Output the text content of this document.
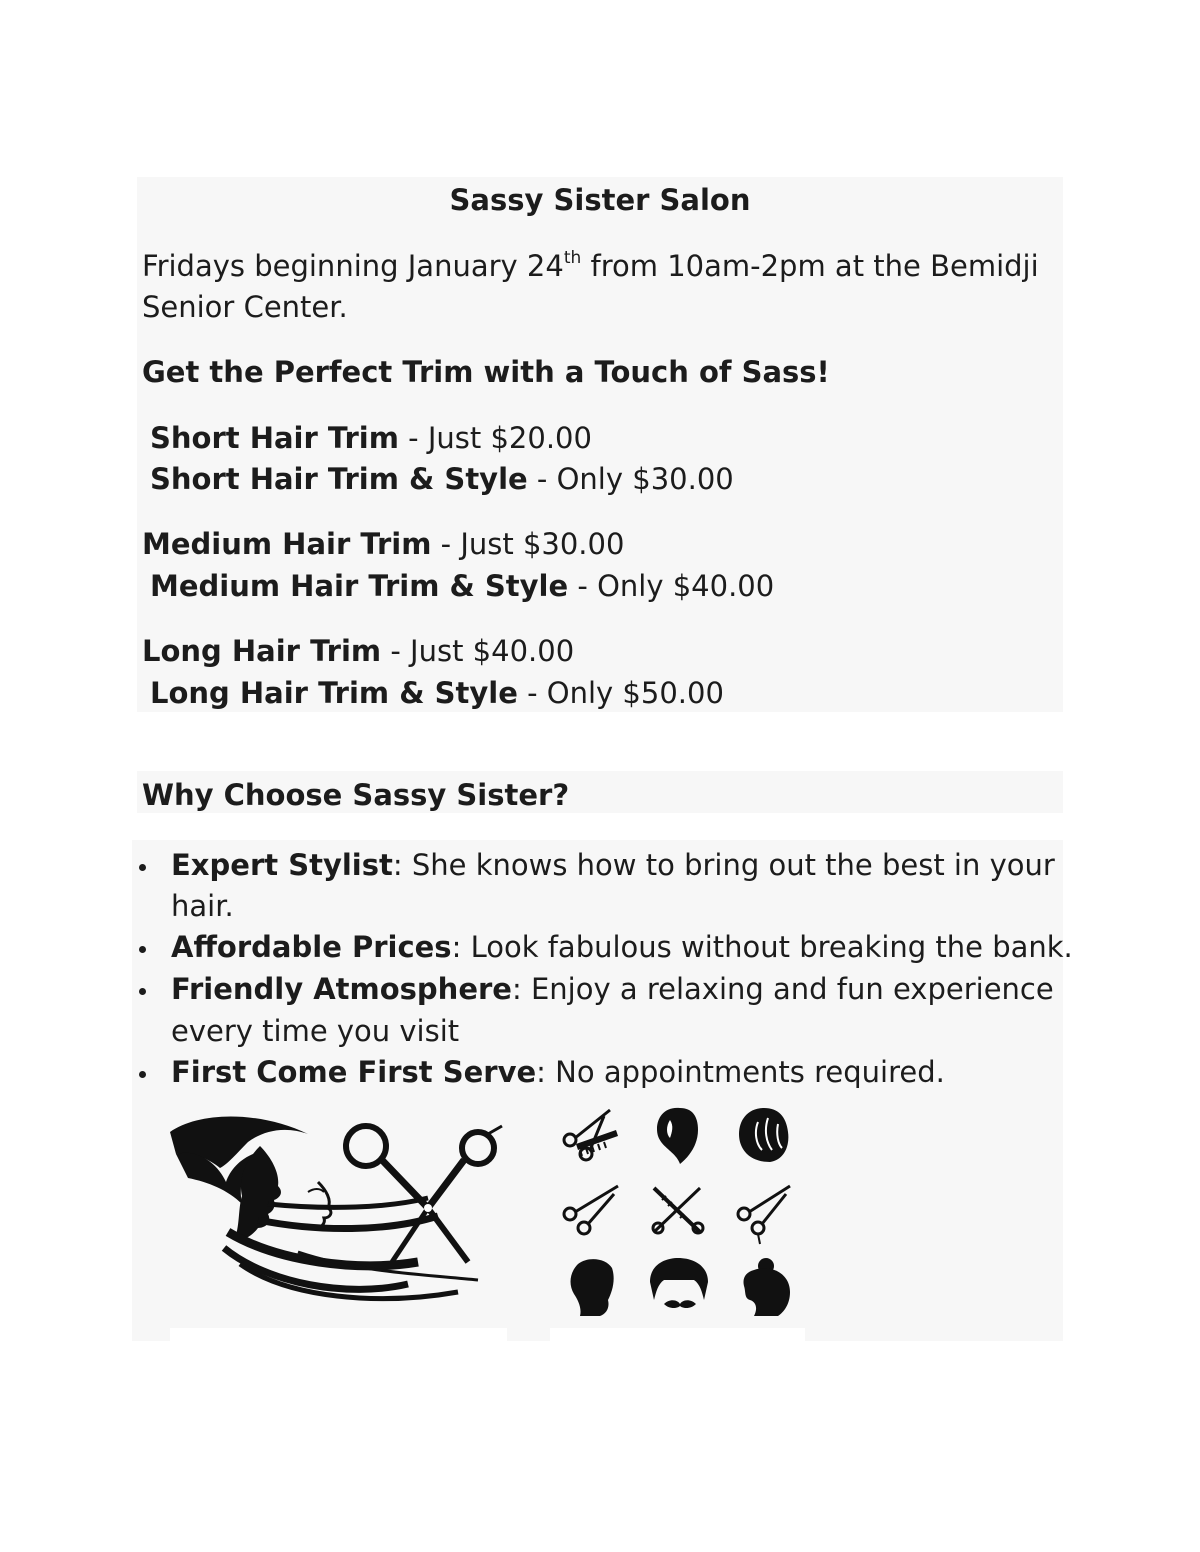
Sassy Sister Salon
Fridays beginning January 24th from 10am-2pm at the Bemidji
Senior Center.
Get the Perfect Trim with a Touch of Sass!
Short Hair Trim - Just $20.00
Short Hair Trim & Style - Only $30.00
Medium Hair Trim - Just $30.00
Medium Hair Trim & Style - Only $40.00
Long Hair Trim - Just $40.00
Long Hair Trim & Style - Only $50.00
Why Choose Sassy Sister?
Expert Stylist: She knows how to bring out the best in your
hair.
Affordable Prices: Look fabulous without breaking the bank.
Friendly Atmosphere: Enjoy a relaxing and fun experience
every time you visit
First Come First Serve: No appointments required.
